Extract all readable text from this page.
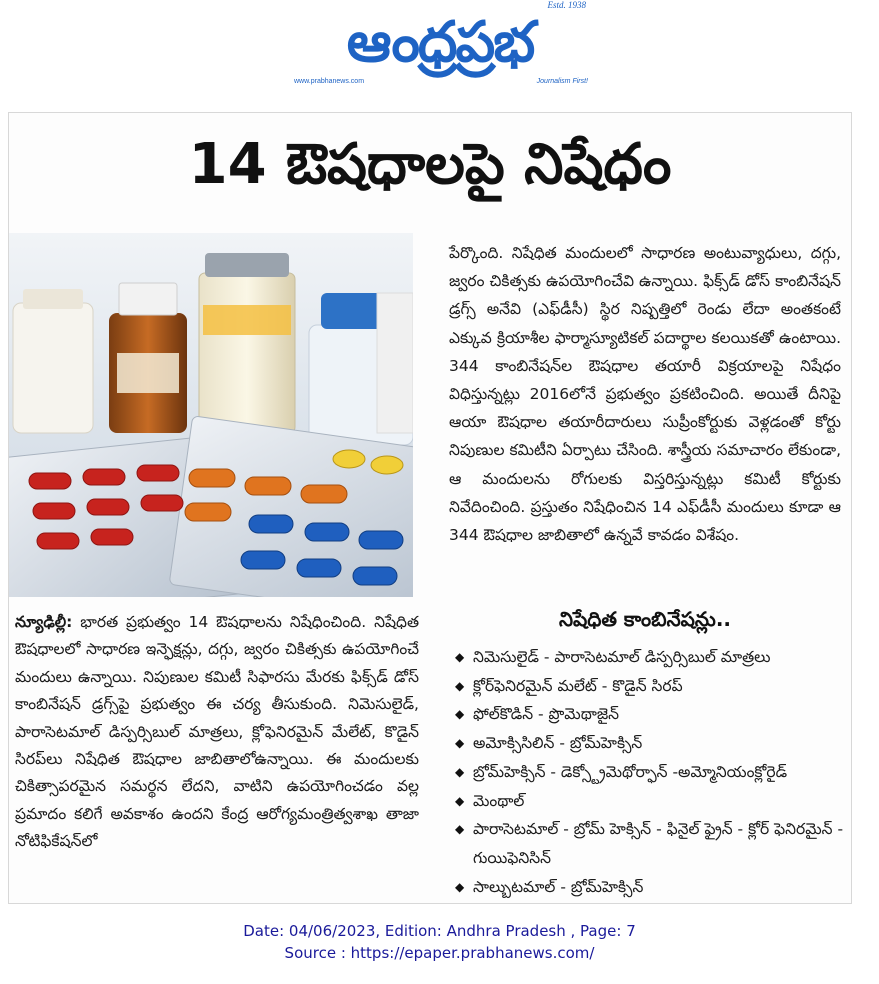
ఆంధ్రప్రభ
Estd. 1938
www.prabhanews.com	Journalism First!
14 ఔషధాలపై నిషేధం
పేర్కొంది. నిషేధిత మందులలో సాధారణ అంటువ్యాధులు, దగ్గు, జ్వరం చికిత్సకు ఉపయోగించేవి ఉన్నాయి. ఫిక్స్‌డ్ డోస్ కాంబినేషన్ డ్రగ్స్ అనేవి (ఎఫ్‌డీసీ) స్థిర నిష్పత్తిలో రెండు లేదా అంతకంటే ఎక్కువ క్రియాశీల ఫార్మాస్యూటికల్ పదార్థాల కలయికతో ఉంటాయి. 344 కాంబినేషన్‌ల ఔషధాల తయారీ విక్రయాలపై నిషేధం విధిస్తున్నట్లు 2016లోనే ప్రభుత్వం ప్రకటించింది. అయితే దీనిపై ఆయా ఔషధాల తయారీదారులు సుప్రీంకోర్టుకు వెళ్లడంతో కోర్టు నిపుణుల కమిటీని ఏర్పాటు చేసింది. శాస్త్రీయ సమాచారం లేకుండా, ఆ మందులను రోగులకు విస్తరిస్తున్నట్లు కమిటీ కోర్టుకు నివేదించింది. ప్రస్తుతం నిషేధించిన 14 ఎఫ్‌డీసీ మందులు కూడా ఆ 344 ఔషధాల జాబితాలో ఉన్నవే కావడం విశేషం.
న్యూఢిల్లీ: భారత ప్రభుత్వం 14 ఔషధాలను నిషేధించింది. నిషేధిత ఔషధాలలో సాధారణ ఇన్ఫెక్షన్లు, దగ్గు, జ్వరం చికిత్సకు ఉపయోగించే మందులు ఉన్నాయి. నిపుణుల కమిటీ సిఫారసు మేరకు ఫిక్స్‌డ్ డోస్ కాంబినేషన్ డ్రగ్స్‌పై ప్రభుత్వం ఈ చర్య తీసుకుంది. నిమెసులైడ్, పారాసెటమాల్ డిస్పర్సిబుల్ మాత్రలు, క్లోఫెనిరమైన్ మేలేట్, కొడైన్ సిరప్‌లు నిషేధిత ఔషధాల జాబితాలోఉన్నాయి. ఈ మందులకు చికిత్సాపరమైన సమర్థన లేదని, వాటిని ఉపయోగించడం వల్ల ప్రమాదం కలిగే అవకాశం ఉందని కేంద్ర ఆరోగ్యమంత్రిత్వశాఖ తాజా నోటిఫికేషన్‌లో
నిషేధిత కాంబినేషన్లు..
◆ నిమెసులైడ్ - పారాసెటమాల్ డిస్పర్సిబుల్ మాత్రలు
◆ క్లోర్‌ఫెనిరమైన్ మలేట్ - కొడైన్ సిరప్
◆ ఫోల్‌కొడిన్ - ప్రొమెథాజైన్
◆ అమోక్సిసిలిన్ - బ్రోమ్‌హెక్సిన్
◆ బ్రోమ్‌హెక్సిన్ - డెక్స్ట్రోమెథోర్ఫాన్ -అమ్మోనియంక్లోరైడ్
◆ మెంథాల్
◆ పారాసెటమాల్ - బ్రోమ్ హెక్సిన్ - ఫినైల్ ఫ్రైన్ - క్లోర్ ఫెనిరమైన్ - గుయిఫెనిసిన్
◆ సాల్బుటమాల్ - బ్రోమ్‌హెక్సిన్
Date: 04/06/2023, Edition: Andhra Pradesh , Page: 7
Source : https://epaper.prabhanews.com/
